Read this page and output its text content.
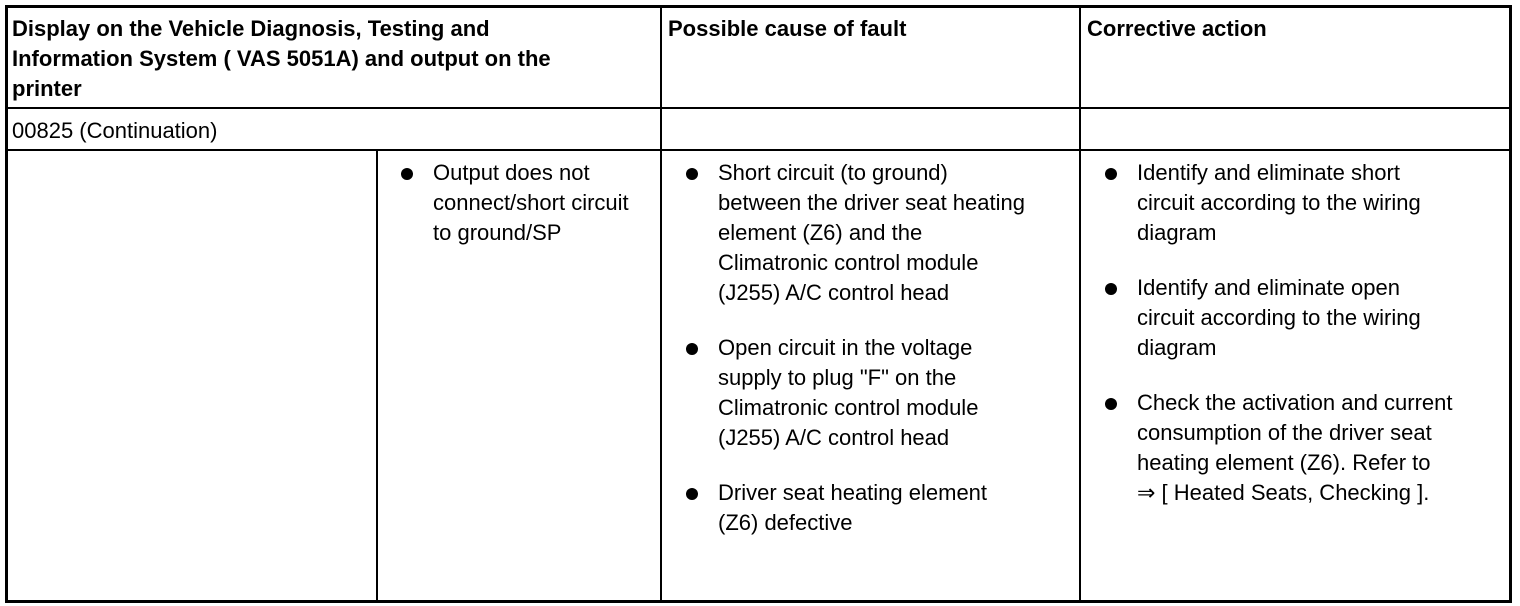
Display on the Vehicle Diagnosis, Testing and
Information System ( VAS 5051A) and output on the
printer
Possible cause of fault	Corrective action
00825 (Continuation)
Output does not
connect/short circuit
to ground/SP
Short circuit (to ground)
between the driver seat heating
element (Z6) and the
Climatronic control module
(J255) A/C control head
Open circuit in the voltage
supply to plug "F" on the
Climatronic control module
(J255) A/C control head
Driver seat heating element
(Z6) defective
Identify and eliminate short
circuit according to the wiring
diagram
Identify and eliminate open
circuit according to the wiring
diagram
Check the activation and current
consumption of the driver seat
heating element (Z6). Refer to
⇒ [ Heated Seats, Checking ].
